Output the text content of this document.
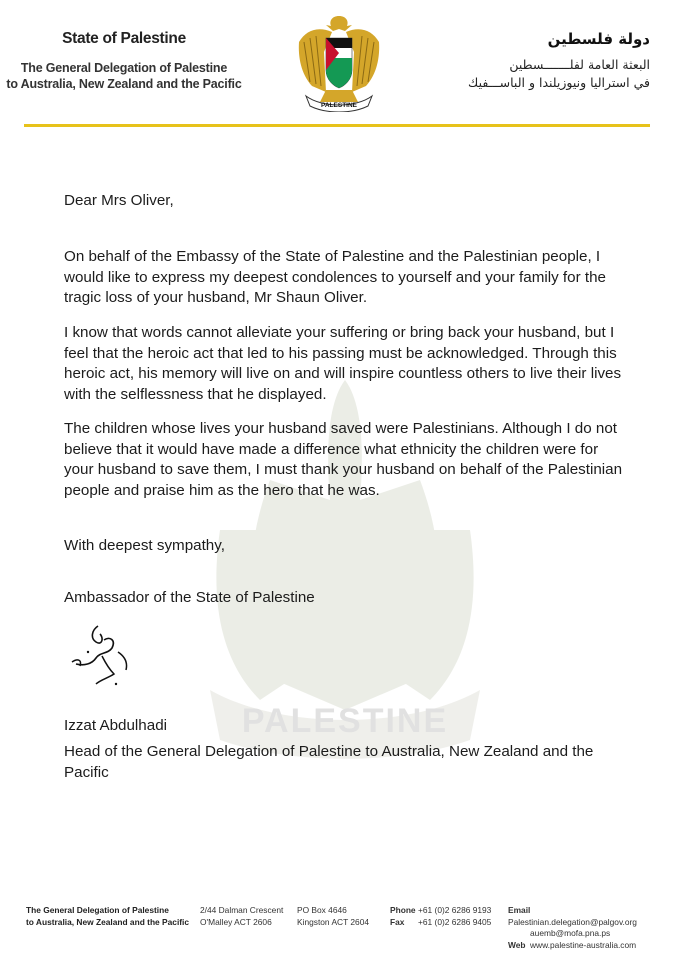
State of Palestine
The General Delegation of Palestine
to Australia, New Zealand and the Pacific
PALESTINE
دولة فلسطين
البعثة العامة لفلـــــــسطين
في استراليا ونيوزيلندا و الباســـفيك
PALESTINE
Dear Mrs Oliver,

On behalf of the Embassy of the State of Palestine and the Palestinian people, I would like to express my deepest condolences to yourself and your family for the tragic loss of your husband, Mr Shaun Oliver.

I know that words cannot alleviate your suffering or bring back your husband, but I feel that the heroic act that led to his passing must be acknowledged. Through this heroic act, his memory will live on and will inspire countless others to live their lives with the selflessness that he displayed.

The children whose lives your husband saved were Palestinians. Although I do not believe that it would have made a difference what ethnicity the children were for your husband to save them, I must thank your husband on behalf of the Palestinian people and praise him as the hero that he was.

With deepest sympathy,
Ambassador of the State of Palestine
Izzat Abdulhadi
Head of the General Delegation of Palestine to Australia, New Zealand and the Pacific
The General Delegation of Palestine
to Australia, New Zealand and the Pacific
2/44 Dalman Crescent
O'Malley ACT 2606
PO Box 4646
Kingston ACT 2604
Phone +61 (0)2 6286 9193
Fax +61 (0)2 6286 9405
EmailPalestinian.delegation@palgov.org
auemb@mofa.pna.ps
Web www.palestine-australia.com
